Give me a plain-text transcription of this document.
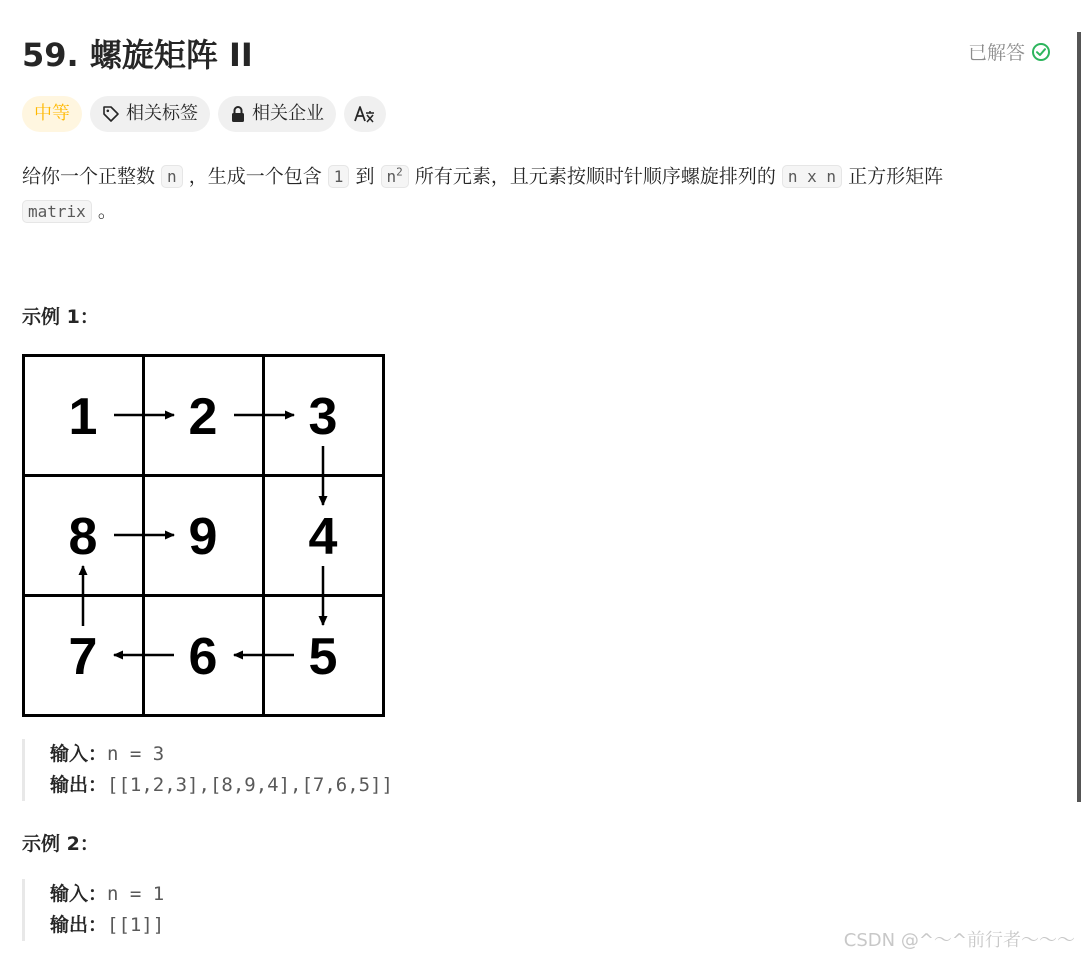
59. 螺旋矩阵 II	已解答
中等	相关标签	相关企业
给你一个正整数 n ，生成一个包含 1 到 $n^2$ 所有元素，且元素按顺时针顺序螺旋排列的 n x n 正方形矩阵
matrix 。
示例 1：
1 2 3
8 9 4
7 6 5
输入：n = 3
输出：[[1,2,3],[8,9,4],[7,6,5]]
示例 2：
输入：n = 1
输出：[[1]]
CSDN @^～^前行者～～～
